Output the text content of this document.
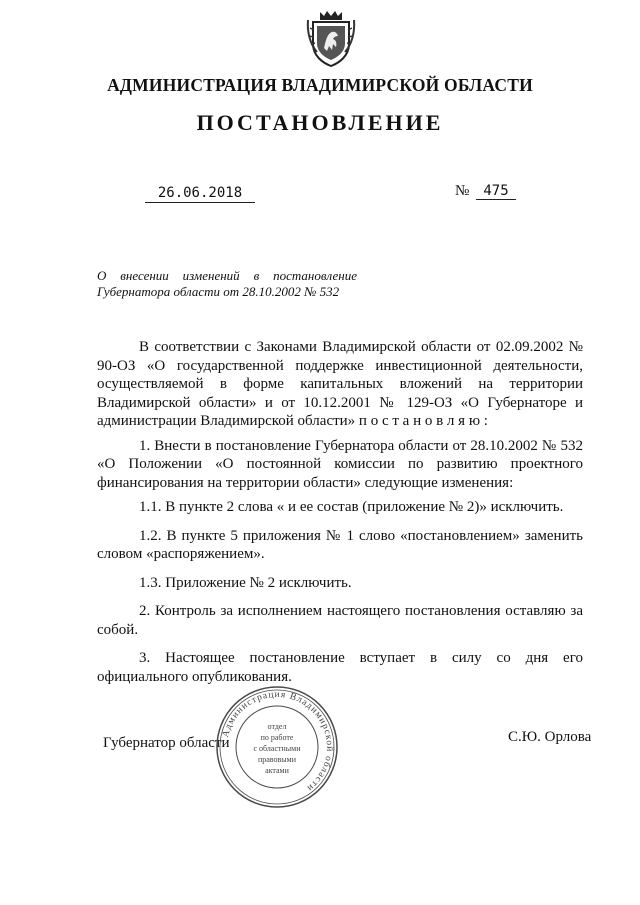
АДМИНИСТРАЦИЯ ВЛАДИМИРСКОЙ ОБЛАСТИ
ПОСТАНОВЛЕНИЕ
26.06.2018	№	475
О внесении изменений в постановление Губернатора области от 28.10.2002 № 532

В соответствии с Законами Владимирской области от 02.09.2002 № 90-ОЗ «О государственной поддержке инвестиционной деятельности, осуществляемой в форме капитальных вложений на территории Владимирской области» и от 10.12.2001 № 129-ОЗ «О Губернаторе и администрации Владимирской области» п о с т а н о в л я ю :

1. Внести в постановление Губернатора области от 28.10.2002 № 532 «О Положении «О постоянной комиссии по развитию проектного финансирования на территории области» следующие изменения:

1.1. В пункте 2 слова « и ее состав (приложение № 2)» исключить.

1.2. В пункте 5 приложения № 1 слово «постановлением» заменить словом «распоряжением».

1.3. Приложение № 2 исключить.

2. Контроль за исполнением настоящего постановления оставляю за собой.

3. Настоящее постановление вступает в силу со дня его официального опубликования.

Губернатор области	С.Ю. Орлова
Администрация Владимирской области
отдел
по работе
с областными
правовыми
актами
